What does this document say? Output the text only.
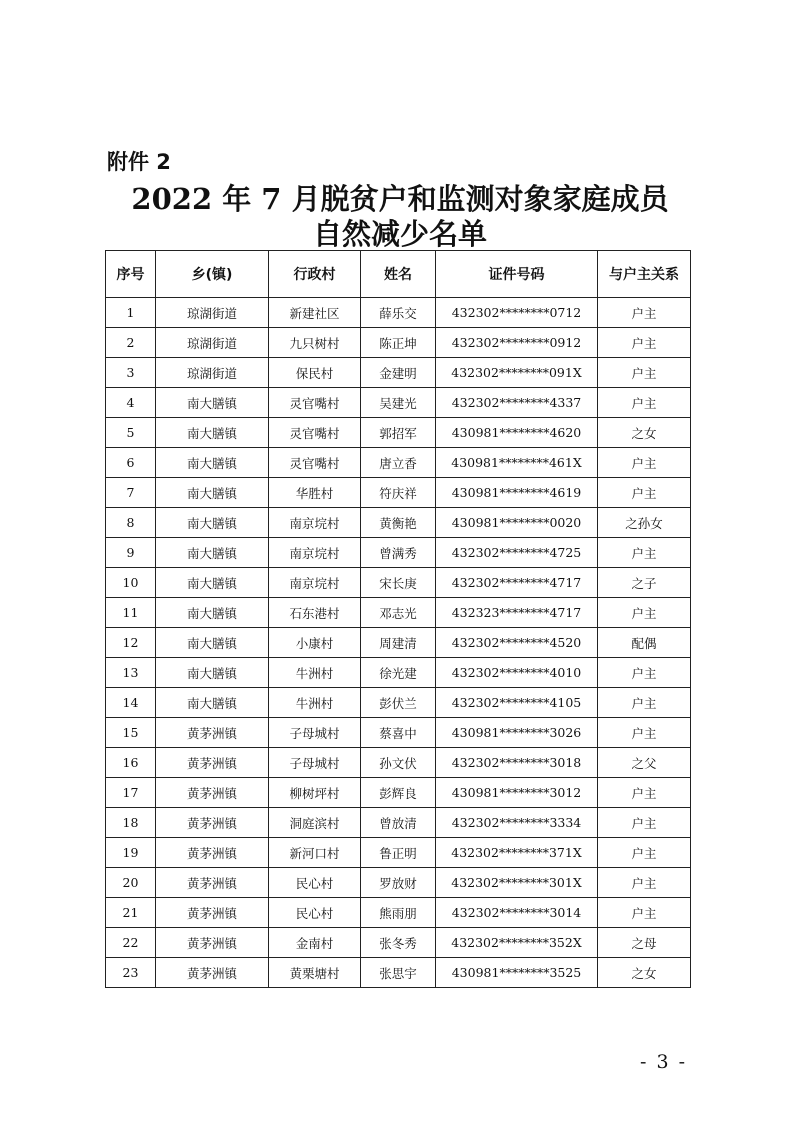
附件 2
2022 年 7 月脱贫户和监测对象家庭成员
自然减少名单
序号	乡(镇)	行政村	姓名	证件号码	与户主关系
1	琼湖街道	新建社区	薛乐交	432302********0712	户主
2	琼湖街道	九只树村	陈正坤	432302********0912	户主
3	琼湖街道	保民村	金建明	432302********091X	户主
4	南大膳镇	灵官嘴村	吴建光	432302********4337	户主
5	南大膳镇	灵官嘴村	郭招军	430981********4620	之女
6	南大膳镇	灵官嘴村	唐立香	430981********461X	户主
7	南大膳镇	华胜村	符庆祥	430981********4619	户主
8	南大膳镇	南京垸村	黄衡艳	430981********0020	之孙女
9	南大膳镇	南京垸村	曾满秀	432302********4725	户主
10	南大膳镇	南京垸村	宋长庚	432302********4717	之子
11	南大膳镇	石东港村	邓志光	432323********4717	户主
12	南大膳镇	小康村	周建清	432302********4520	配偶
13	南大膳镇	牛洲村	徐光建	432302********4010	户主
14	南大膳镇	牛洲村	彭伏兰	432302********4105	户主
15	黄茅洲镇	子母城村	蔡喜中	430981********3026	户主
16	黄茅洲镇	子母城村	孙文伏	432302********3018	之父
17	黄茅洲镇	柳树坪村	彭辉良	430981********3012	户主
18	黄茅洲镇	洞庭滨村	曾放清	432302********3334	户主
19	黄茅洲镇	新河口村	鲁正明	432302********371X	户主
20	黄茅洲镇	民心村	罗放财	432302********301X	户主
21	黄茅洲镇	民心村	熊雨朋	432302********3014	户主
22	黄茅洲镇	金南村	张冬秀	432302********352X	之母
23	黄茅洲镇	黄栗塘村	张思宇	430981********3525	之女
- 3 -
